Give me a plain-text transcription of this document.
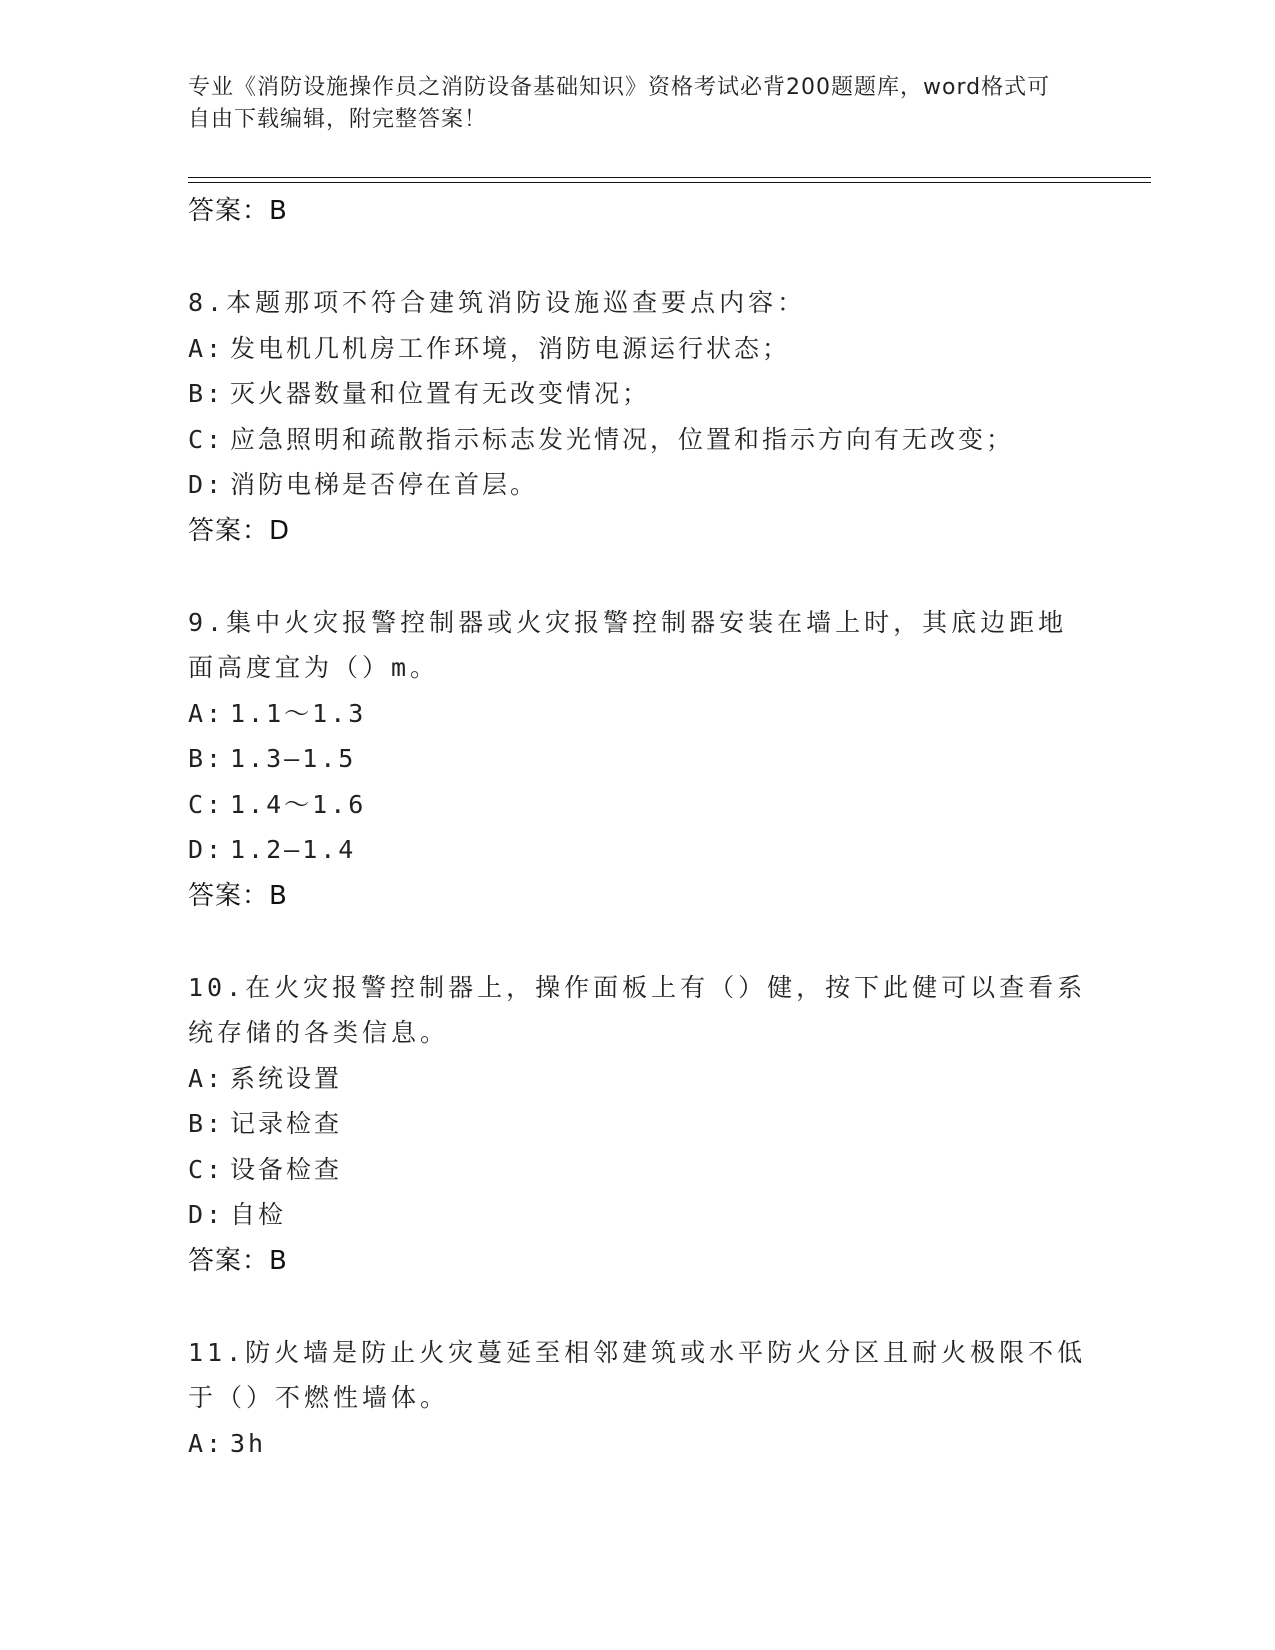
专业《消防设施操作员之消防设备基础知识》资格考试必背200题题库，word格式可自由下载编辑，附完整答案！
答案：B
8.本题那项不符合建筑消防设施巡查要点内容：
A: 发电机几机房工作环境，消防电源运行状态；
B: 灭火器数量和位置有无改变情况；
C: 应急照明和疏散指示标志发光情况，位置和指示方向有无改变；
D: 消防电梯是否停在首层。
答案：D
9.集中火灾报警控制器或火灾报警控制器安装在墙上时，其底边距地面高度宜为（）m。
A: 1.1～1.3
B: 1.3—1.5
C: 1.4～1.6
D: 1.2—1.4
答案：B
10.在火灾报警控制器上，操作面板上有（）健，按下此健可以查看系统存储的各类信息。
A: 系统设置
B: 记录检查
C: 设备检查
D: 自检
答案：B
11.防火墙是防止火灾蔓延至相邻建筑或水平防火分区且耐火极限不低于（）不燃性墙体。
A: 3h
